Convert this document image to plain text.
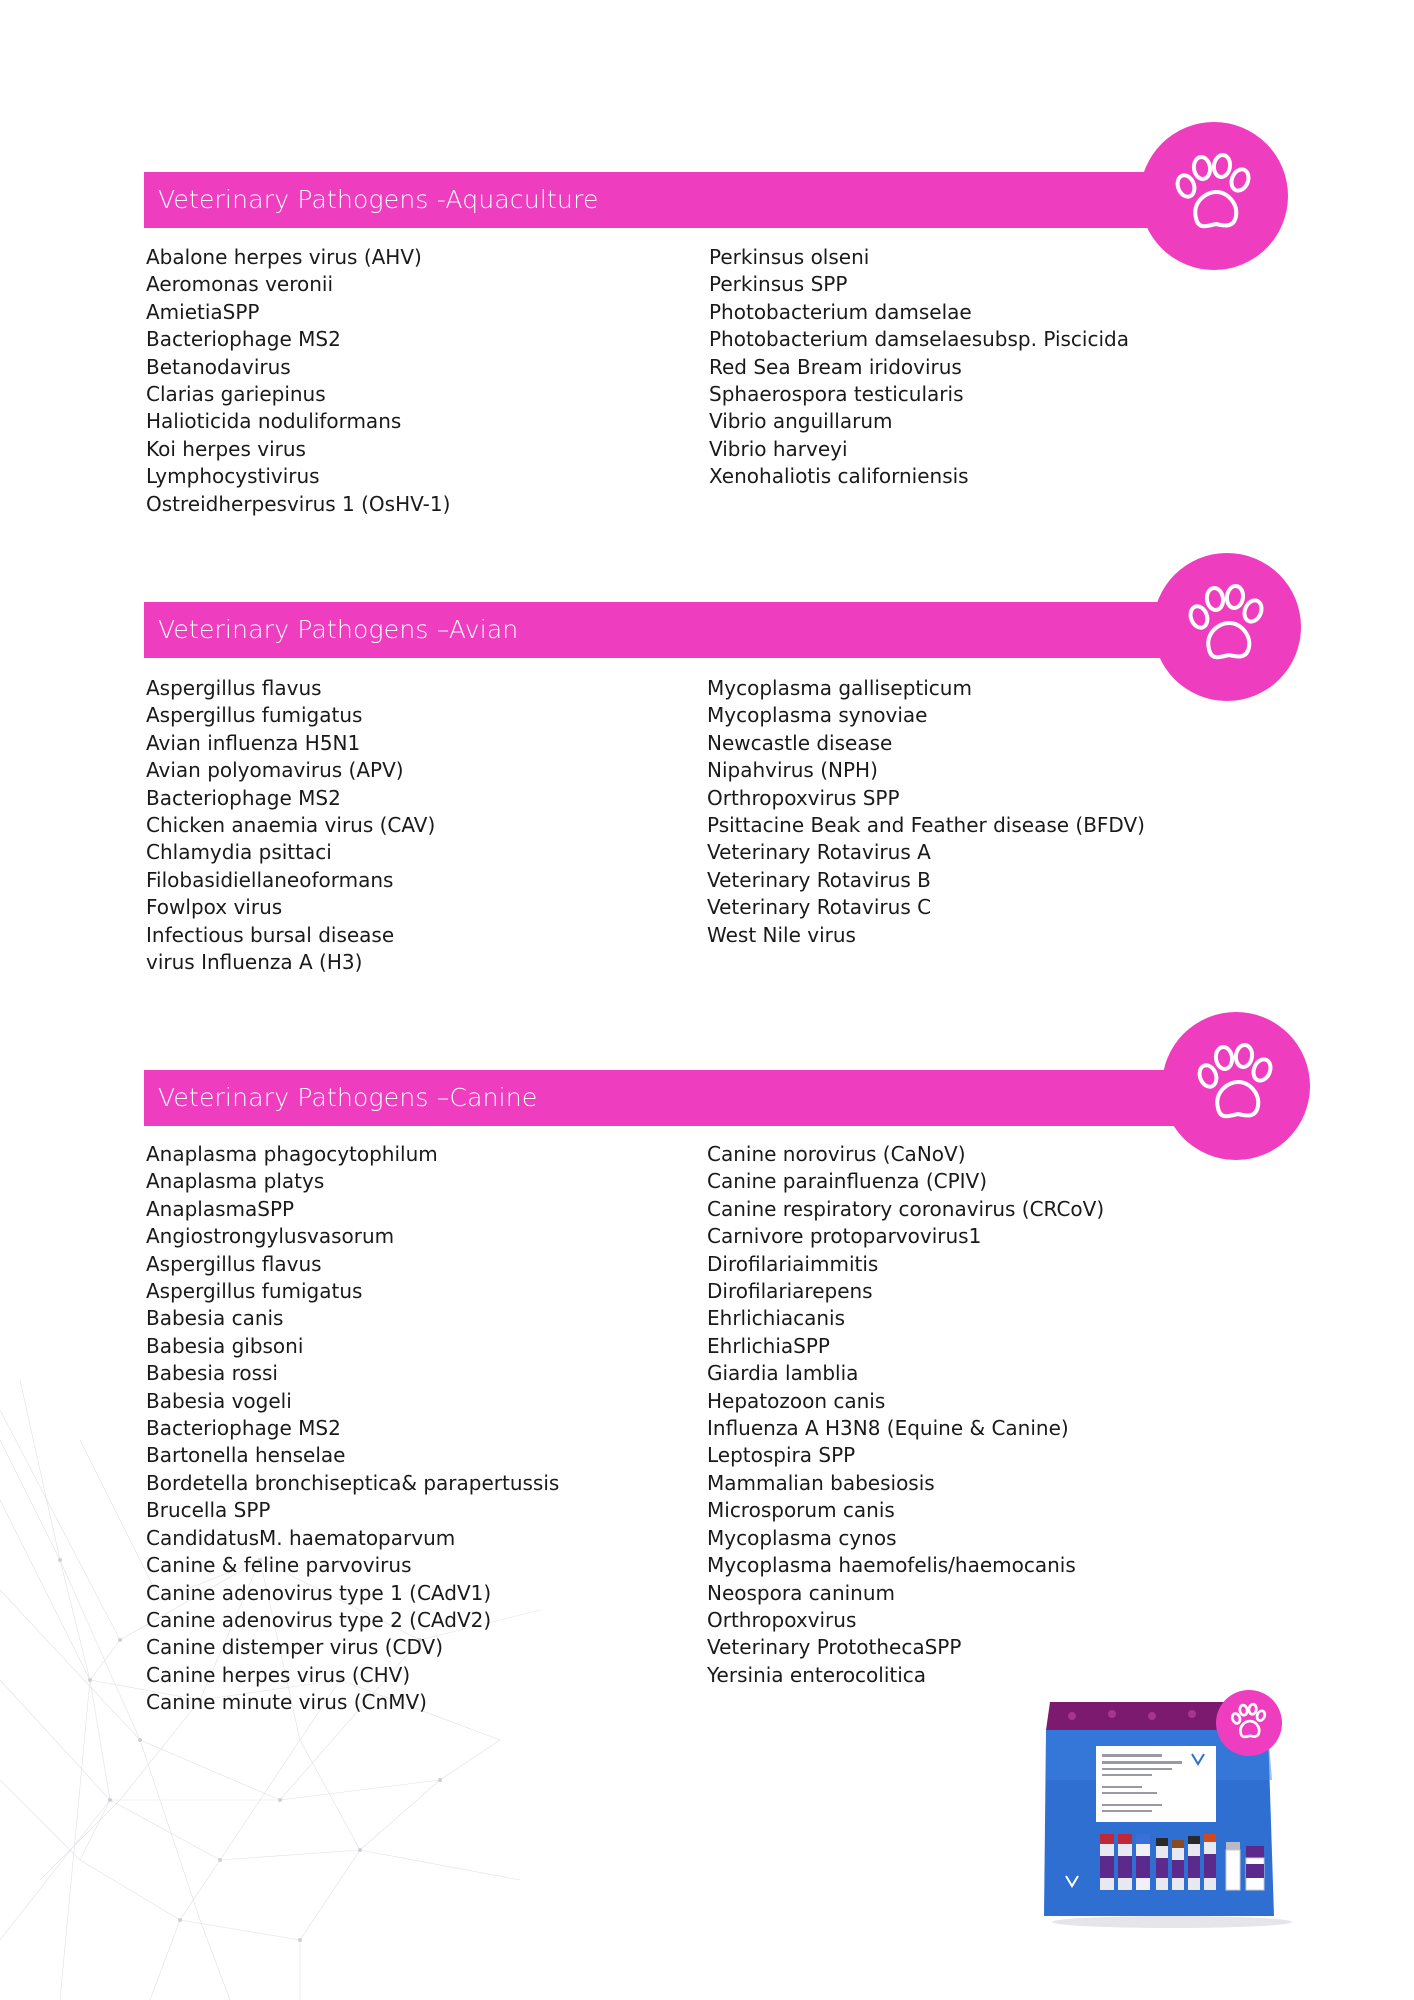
Veterinary Pathogens -Aquaculture
Abalone herpes virus (AHV)
Aeromonas veronii
AmietiaSPP
Bacteriophage MS2
Betanodavirus
Clarias gariepinus
Halioticida noduliformans
Koi herpes virus
Lymphocystivirus
Ostreidherpesvirus 1 (OsHV-1)
Perkinsus olseni
Perkinsus SPP
Photobacterium damselae
Photobacterium damselaesubsp. Piscicida
Red Sea Bream iridovirus
Sphaerospora testicularis
Vibrio anguillarum
Vibrio harveyi
Xenohaliotis californiensis
Veterinary Pathogens –Avian
Aspergillus flavus
Aspergillus fumigatus
Avian influenza H5N1
Avian polyomavirus (APV)
Bacteriophage MS2
Chicken anaemia virus (CAV)
Chlamydia psittaci
Filobasidiellaneoformans
Fowlpox virus
Infectious bursal disease
virus Influenza A (H3)
Mycoplasma gallisepticum
Mycoplasma synoviae
Newcastle disease
Nipahvirus (NPH)
Orthropoxvirus SPP
Psittacine Beak and Feather disease (BFDV)
Veterinary Rotavirus A
Veterinary Rotavirus B
Veterinary Rotavirus C
West Nile virus
Veterinary Pathogens –Canine
Anaplasma phagocytophilum
Anaplasma platys
AnaplasmaSPP
Angiostrongylusvasorum
Aspergillus flavus
Aspergillus fumigatus
Babesia canis
Babesia gibsoni
Babesia rossi
Babesia vogeli
Bacteriophage MS2
Bartonella henselae
Bordetella bronchiseptica& parapertussis
Brucella SPP
CandidatusM. haematoparvum
Canine & feline parvovirus
Canine adenovirus type 1 (CAdV1)
Canine adenovirus type 2 (CAdV2)
Canine distemper virus (CDV)
Canine herpes virus (CHV)
Canine minute virus (CnMV)
Canine norovirus (CaNoV)
Canine parainfluenza (CPIV)
Canine respiratory coronavirus (CRCoV)
Carnivore protoparvovirus1
Dirofilariaimmitis
Dirofilariarepens
Ehrlichiacanis
EhrlichiaSPP
Giardia lamblia
Hepatozoon canis
Influenza A H3N8 (Equine & Canine)
Leptospira SPP
Mammalian babesiosis
Microsporum canis
Mycoplasma cynos
Mycoplasma haemofelis/haemocanis
Neospora caninum
Orthropoxvirus
Veterinary ProtothecaSPP
Yersinia enterocolitica
